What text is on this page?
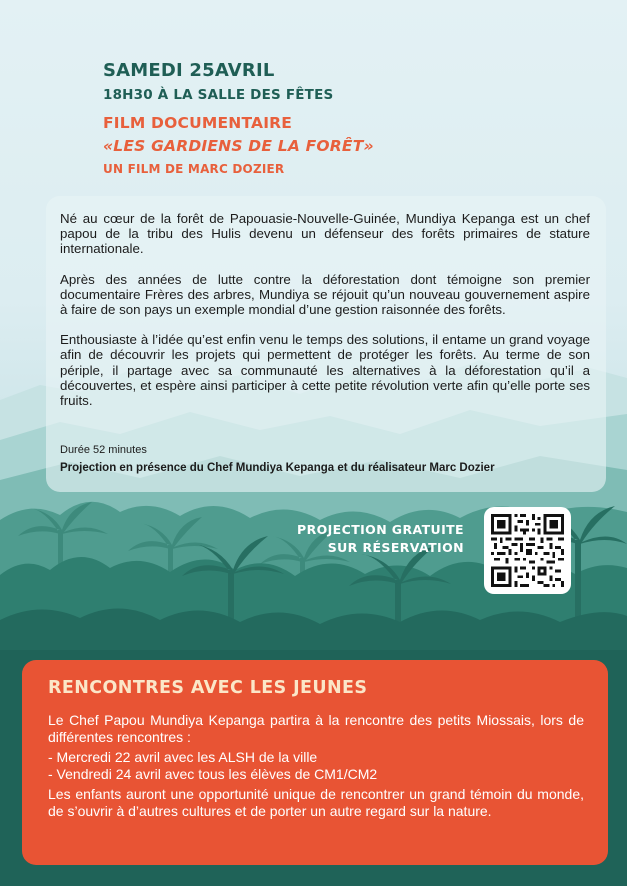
SAMEDI 25AVRIL
18H30 À LA SALLE DES FÊTES
FILM DOCUMENTAIRE
«LES GARDIENS DE LA FORÊT»
UN FILM DE MARC DOZIER

Né au cœur de la forêt de Papouasie-Nouvelle-Guinée, Mundiya Kepanga est un chef papou de la tribu des Hulis devenu un défenseur des forêts primaires de stature internationale.

Après des années de lutte contre la déforestation dont témoigne son premier documentaire Frères des arbres, Mundiya se réjouit qu’un nouveau gouvernement aspire à faire de son pays un exemple mondial d’une gestion raisonnée des forêts.

Enthousiaste à l’idée qu’est enfin venu le temps des solutions, il entame un grand voyage afin de découvrir les projets qui permettent de protéger les forêts. Au terme de son périple, il partage avec sa communauté les alternatives à la déforestation qu’il a découvertes, et espère ainsi participer à cette petite révolution verte afin qu’elle porte ses fruits.

Durée 52 minutes
Projection en présence du Chef Mundiya Kepanga et du réalisateur Marc Dozier

PROJECTION GRATUITE

SUR RÉSERVATION

RENCONTRES AVEC LES JEUNES

Le Chef Papou Mundiya Kepanga partira à la rencontre des petits Miossais, lors de différentes rencontres :

- Mercredi 22 avril avec les ALSH de la ville
- Vendredi 24 avril avec tous les élèves de CM1/CM2

Les enfants auront une opportunité unique de rencontrer un grand témoin du monde, de s’ouvrir à d’autres cultures et de porter un autre regard sur la nature.
